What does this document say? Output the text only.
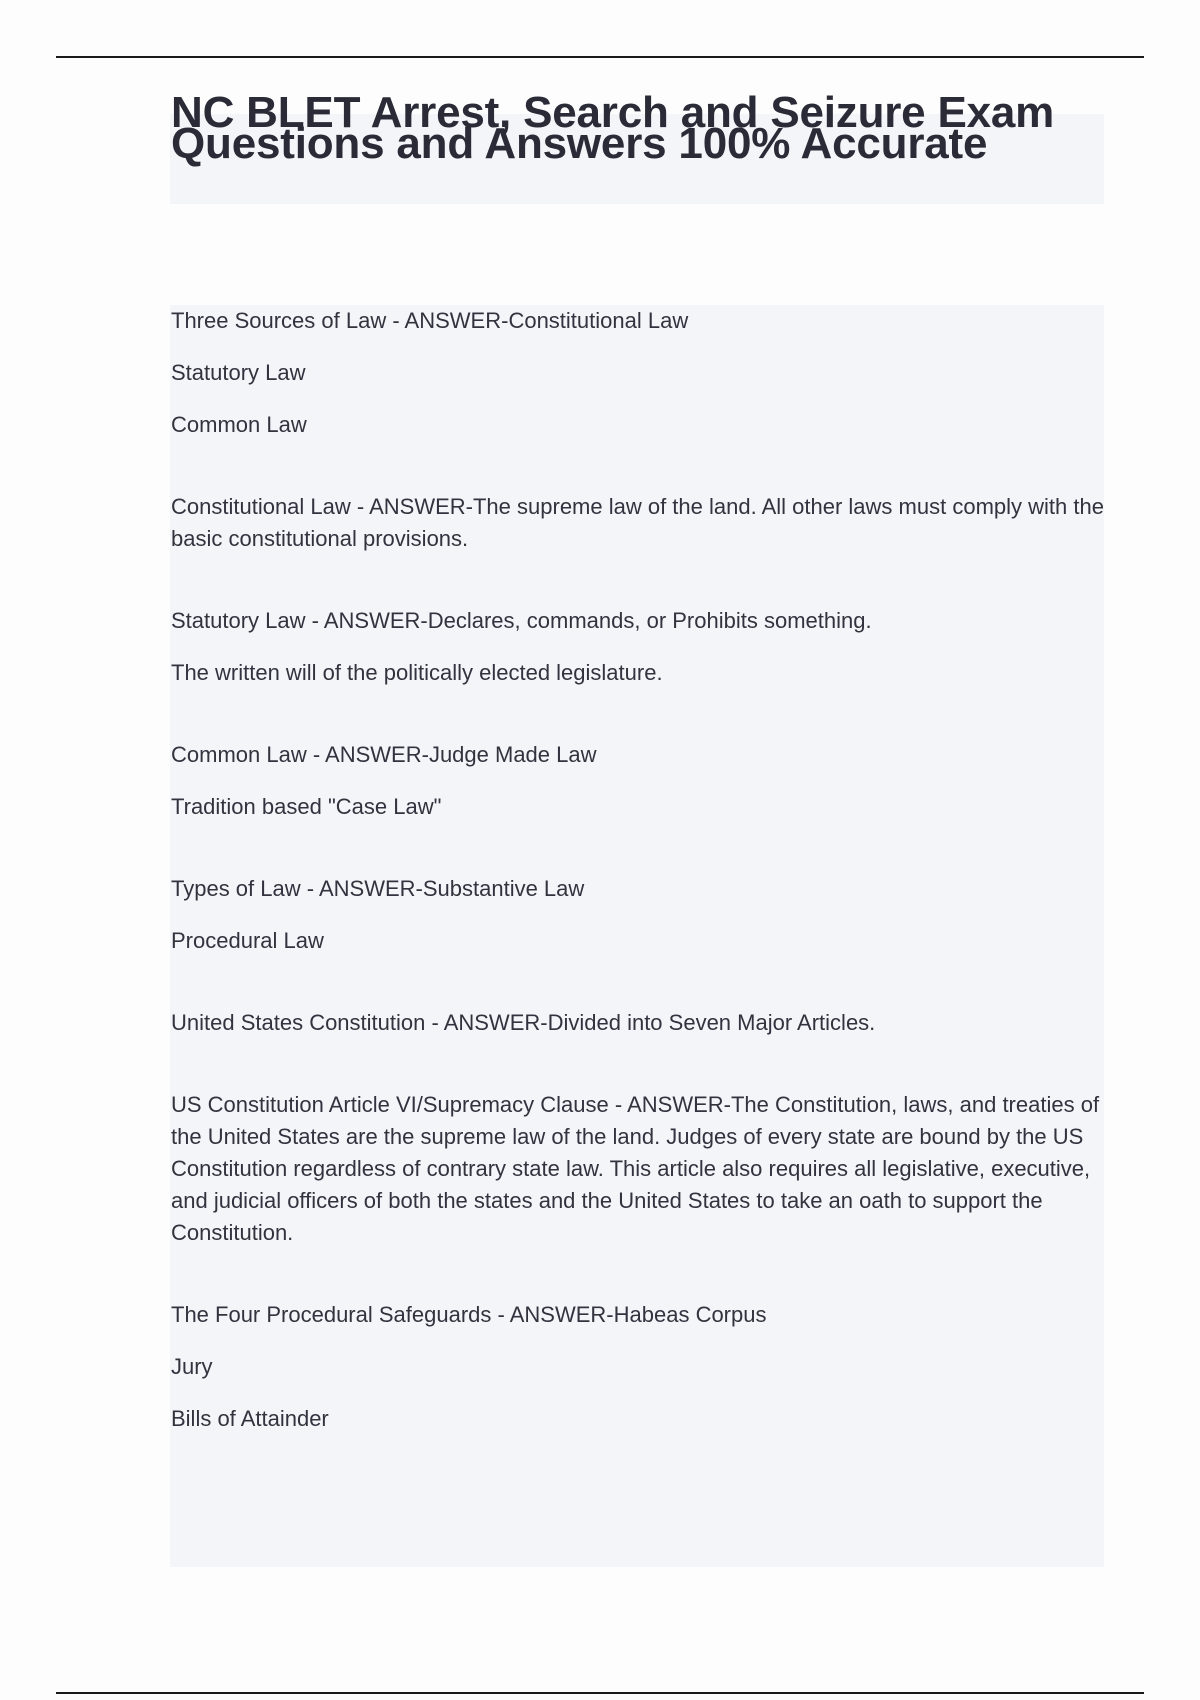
NC BLET Arrest, Search and Seizure Exam Questions and Answers 100% Accurate

Three Sources of Law - ANSWER-Constitutional Law

Statutory Law

Common Law

Constitutional Law - ANSWER-The supreme law of the land. All other laws must comply with the basic constitutional provisions.

Statutory Law - ANSWER-Declares, commands, or Prohibits something.

The written will of the politically elected legislature.

Common Law - ANSWER-Judge Made Law

Tradition based "Case Law"

Types of Law - ANSWER-Substantive Law

Procedural Law

United States Constitution - ANSWER-Divided into Seven Major Articles.

US Constitution Article VI/Supremacy Clause - ANSWER-The Constitution, laws, and treaties of the United States are the supreme law of the land. Judges of every state are bound by the US Constitution regardless of contrary state law. This article also requires all legislative, executive, and judicial officers of both the states and the United States to take an oath to support the Constitution.

The Four Procedural Safeguards - ANSWER-Habeas Corpus

Jury

Bills of Attainder
